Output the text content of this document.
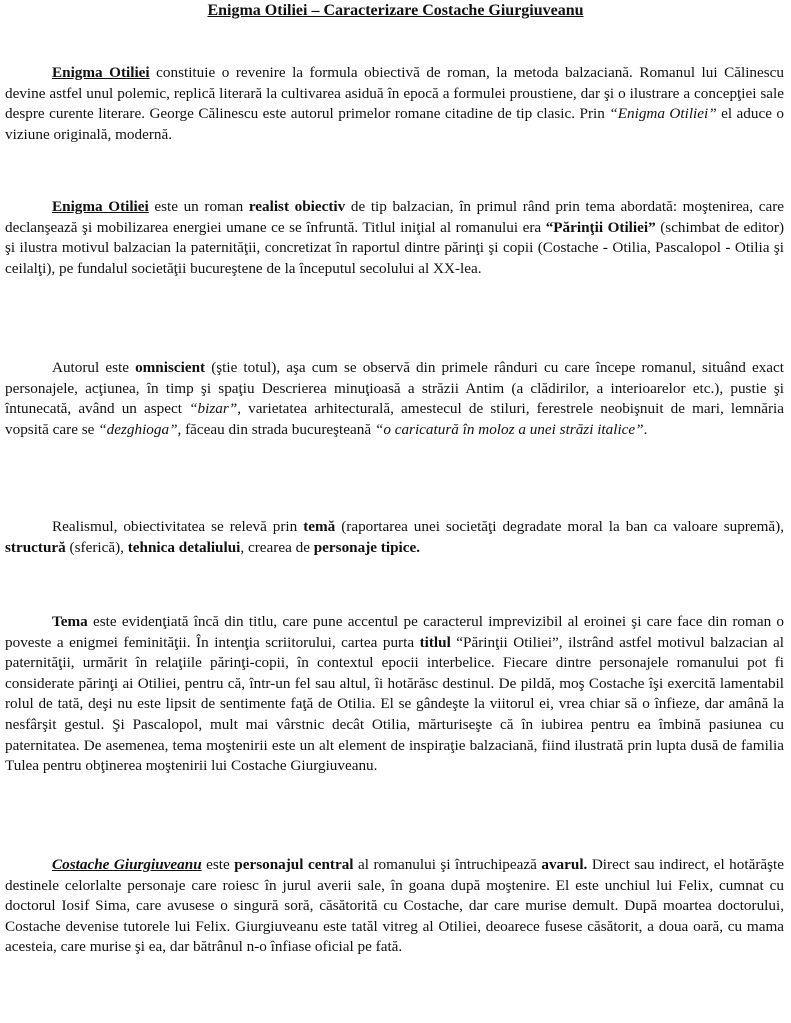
Enigma Otiliei – Caracterizare Costache Giurgiuveanu

Enigma Otiliei constituie o revenire la formula obiectivă de roman, la metoda balzaciană. Romanul lui Călinescu devine astfel unul polemic, replică literară la cultivarea asiduă în epocă a formulei proustiene, dar şi o ilustrare a concepţiei sale despre curente literare. George Călinescu este autorul primelor romane citadine de tip clasic. Prin “Enigma Otiliei” el aduce o viziune originală, modernă.

Enigma Otiliei este un roman realist obiectiv de tip balzacian, în primul rând prin tema abordată: moştenirea, care declanşează şi mobilizarea energiei umane ce se înfruntă. Titlul iniţial al romanului era “Părinţii Otiliei” (schimbat de editor) şi ilustra motivul balzacian la paternităţii, concretizat în raportul dintre părinţi şi copii (Costache - Otilia, Pascalopol - Otilia şi ceilalţi), pe fundalul societăţii bucureştene de la începutul secolului al XX-lea.

Autorul este omniscient (ştie totul), aşa cum se observă din primele rânduri cu care începe romanul, situând exact personajele, acţiunea, în timp şi spaţiu Descrierea minuţioasă a străzii Antim (a clădirilor, a interioarelor etc.), pustie şi întunecată, având un aspect “bizar”, varietatea arhitecturală, amestecul de stiluri, ferestrele neobişnuit de mari, lemnăria vopsită care se “dezghioga”, făceau din strada bucureşteană “o caricatură în moloz a unei străzi italice”.

Realismul, obiectivitatea se relevă prin temă (raportarea unei societăţi degradate moral la ban ca valoare supremă), structură (sferică), tehnica detaliului, crearea de personaje tipice.

Tema este evidenţiată încă din titlu, care pune accentul pe caracterul imprevizibil al eroinei şi care face din roman o poveste a enigmei feminităţii. În intenţia scriitorului, cartea purta titlul “Părinţii Otiliei”, ilstrând astfel motivul balzacian al paternităţii, urmărit în relaţiile părinţi-copii, în contextul epocii interbelice. Fiecare dintre personajele romanului pot fi considerate părinţi ai Otiliei, pentru că, într-un fel sau altul, îi hotărăsc destinul. De pildă, moş Costache îşi exercită lamentabil rolul de tată, deşi nu este lipsit de sentimente faţă de Otilia. El se gândeşte la viitorul ei, vrea chiar să o înfieze, dar amână la nesfârşit gestul. Şi Pascalopol, mult mai vârstnic decât Otilia, mărturiseşte că în iubirea pentru ea îmbină pasiunea cu paternitatea. De asemenea, tema moştenirii este un alt element de inspiraţie balzaciană, fiind ilustrată prin lupta dusă de familia Tulea pentru obţinerea moştenirii lui Costache Giurgiuveanu.

Costache Giurgiuveanu este personajul central al romanului şi întruchipează avarul. Direct sau indirect, el hotărăşte destinele celorlalte personaje care roiesc în jurul averii sale, în goana după moştenire. El este unchiul lui Felix, cumnat cu doctorul Iosif Sima, care avusese o singură soră, căsătorită cu Costache, dar care murise demult. După moartea doctorului, Costache devenise tutorele lui Felix. Giurgiuveanu este tatăl vitreg al Otiliei, deoarece fusese căsătorit, a doua oară, cu mama acesteia, care murise şi ea, dar bătrânul n-o înfiase oficial pe fată.
